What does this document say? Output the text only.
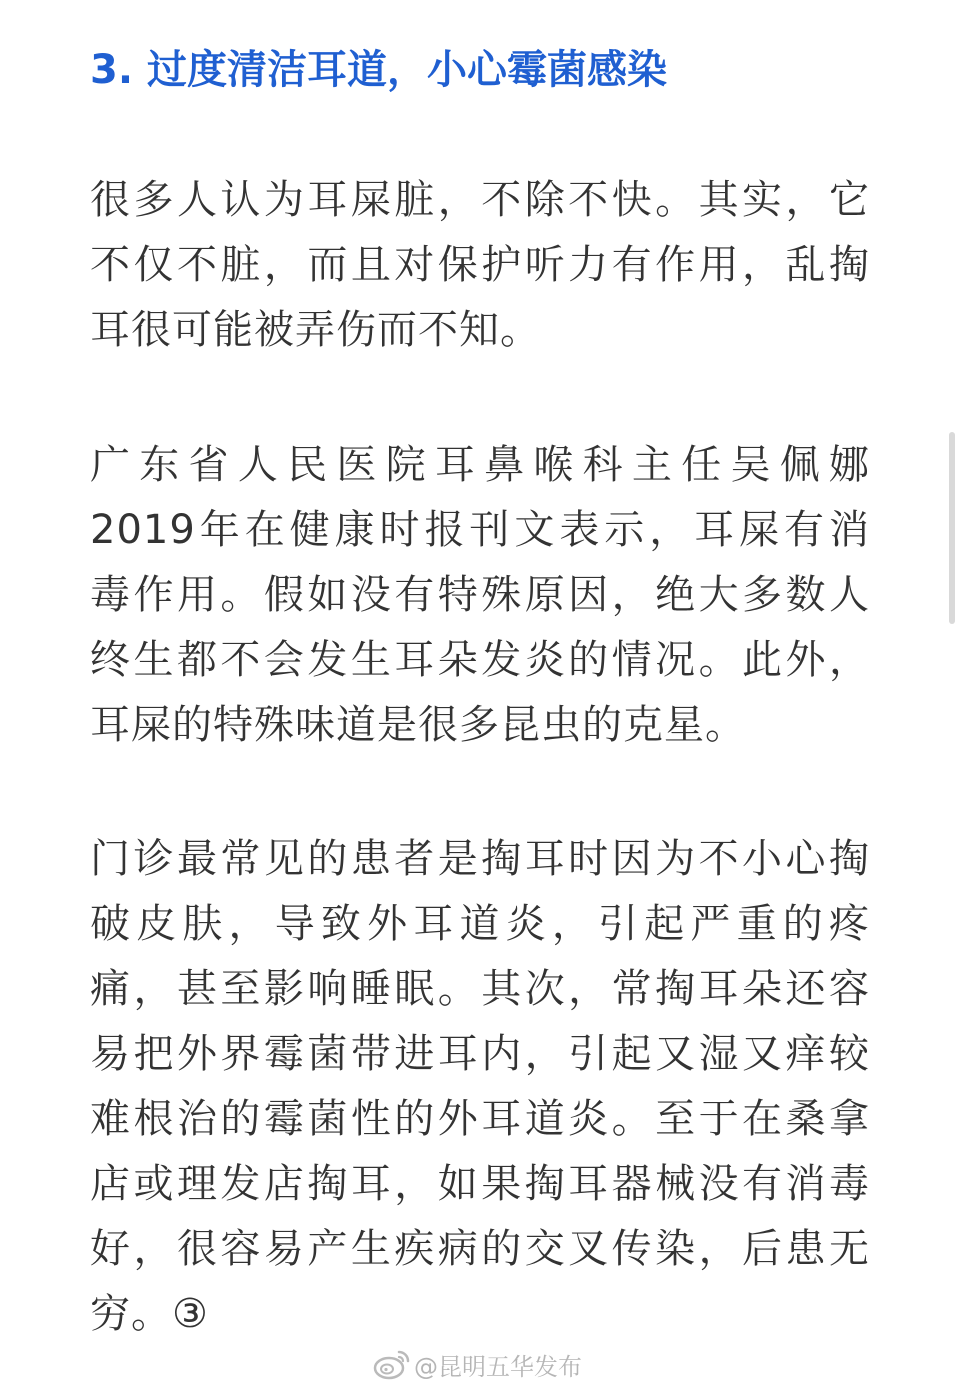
3. 过度清洁耳道，小心霉菌感染
很多人认为耳屎脏，不除不快。其实，它
不仅不脏，而且对保护听力有作用，乱掏
耳很可能被弄伤而不知。
广东省人民医院耳鼻喉科主任吴佩娜
2019年在健康时报刊文表示，耳屎有消
毒作用。假如没有特殊原因，绝大多数人
终生都不会发生耳朵发炎的情况。此外，
耳屎的特殊味道是很多昆虫的克星。
门诊最常见的患者是掏耳时因为不小心掏
破皮肤，导致外耳道炎，引起严重的疼
痛，甚至影响睡眠。其次，常掏耳朵还容
易把外界霉菌带进耳内，引起又湿又痒较
难根治的霉菌性的外耳道炎。至于在桑拿
店或理发店掏耳，如果掏耳器械没有消毒
好，很容易产生疾病的交叉传染，后患无
穷。③
@昆明五华发布
